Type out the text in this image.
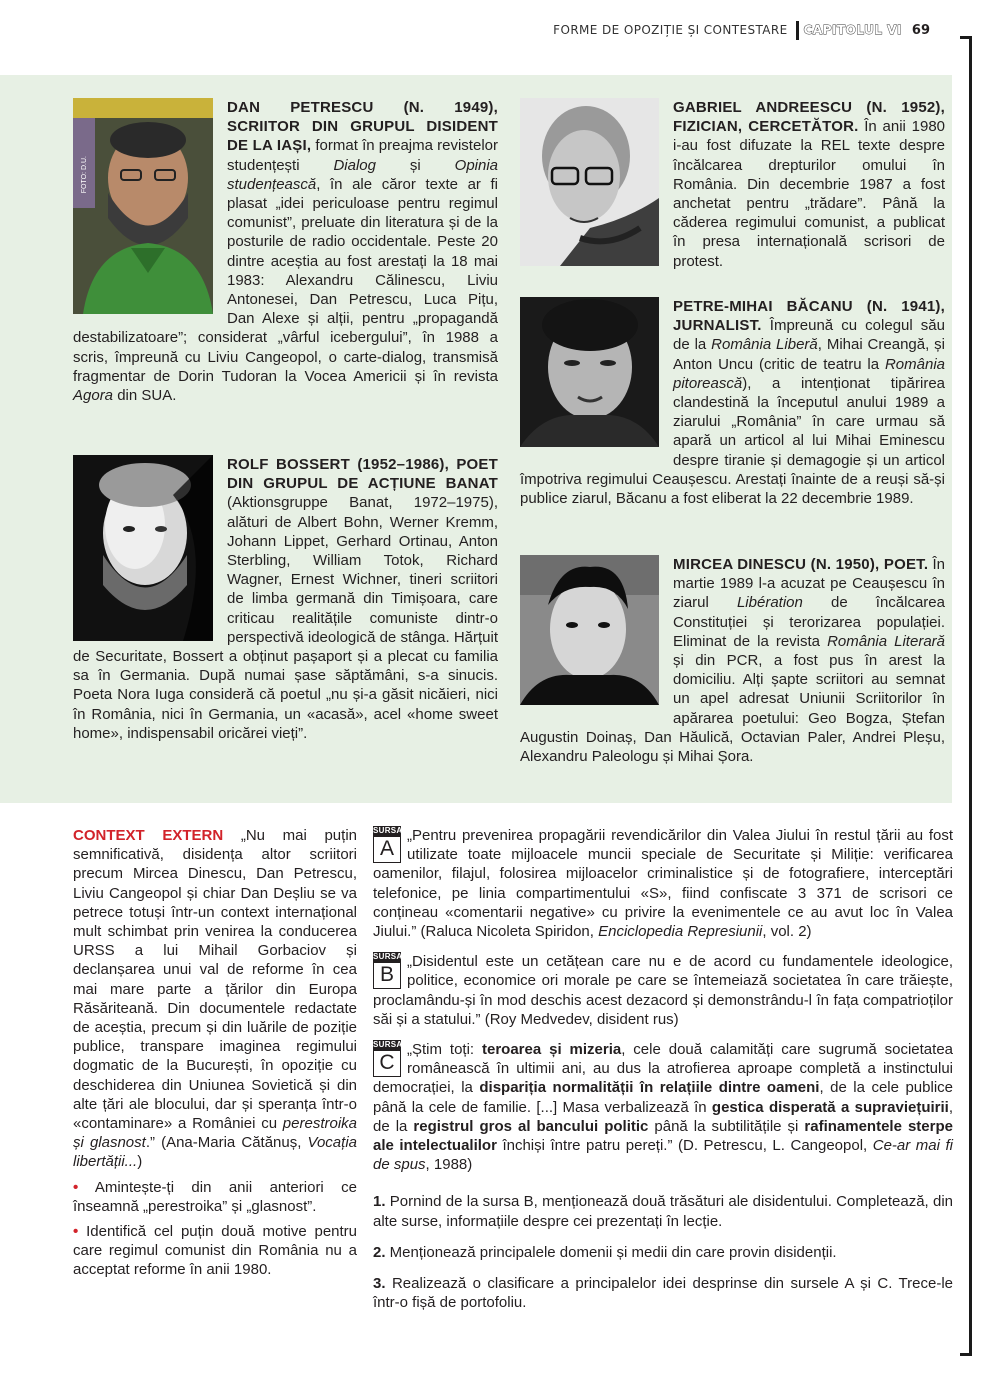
FORME DE OPOZIȚIE ȘI CONTESTARE CAPITOLUL VI 69
FOTO: D.U.

DAN PETRESCU (N. 1949), SCRIITOR DIN GRUPUL DISIDENT DE LA IAȘI, format în preajma revistelor studențești Dialog și Opinia studențească, în ale căror texte ar fi plasat „idei periculoase pentru regimul comunist”, preluate din literatura și de la posturile de radio occidentale. Peste 20 dintre aceștia au fost arestați la 18 mai 1983: Alexandru Călinescu, Liviu Antonesei, Dan Petrescu, Luca Pițu, Dan Alexe și alții, pentru „propagandă destabilizatoare”; considerat „vârful icebergului”, în 1988 a scris, împreună cu Liviu Cangeopol, o carte-dialog, transmisă fragmentar de Dorin Tudoran la Vocea Americii și în revista Agora din SUA.

ROLF BOSSERT (1952–1986), POET DIN GRUPUL DE ACȚIUNE BANAT (Aktionsgruppe Banat, 1972–1975), alături de Albert Bohn, Werner Kremm, Johann Lippet, Gerhard Ortinau, Anton Sterbling, William Totok, Richard Wagner, Ernest Wichner, tineri scriitori de limba germană din Timișoara, care criticau realitățile comuniste dintr-o perspectivă ideologică de stânga. Hărțuit de Securitate, Bossert a obținut pașaport și a plecat cu familia sa în Germania. După numai șase săptămâni, s-a sinucis. Poeta Nora Iuga consideră că poetul „nu și-a găsit nicăieri, nici în România, nici în Germania, un «acasă», acel «home sweet home», indispensabil oricărei vieți”.

GABRIEL ANDREESCU (N. 1952), FIZICIAN, CERCETĂTOR. În anii 1980 i-au fost difuzate la REL texte despre încălcarea drepturilor omului în România. Din decembrie 1987 a fost anchetat pentru „trădare”. Până la căderea regimului comunist, a publicat în presa internațională scrisori de protest.

PETRE-MIHAI BĂCANU (N. 1941), JURNALIST. Împreună cu colegul său de la România Liberă, Mihai Creangă, și Anton Uncu (critic de teatru la România pitorească), a intenționat tipărirea clandestină la începutul anului 1989 a ziarului „România” în care urmau să apară un articol al lui Mihai Eminescu despre tiranie și demagogie și un articol împotriva regimului Ceaușescu. Arestați înainte de a reuși să-și publice ziarul, Băcanu a fost eliberat la 22 decembrie 1989.

MIRCEA DINESCU (N. 1950), POET. În martie 1989 l-a acuzat pe Ceaușescu în ziarul Libération de încălcarea Constituției și terorizarea populației. Eliminat de la revista România Literară și din PCR, a fost pus în arest la domiciliu. Alți șapte scriitori au semnat un apel adresat Uniunii Scriitorilor în apărarea poetului: Geo Bogza, Ștefan Augustin Doinaș, Dan Hăulică, Octavian Paler, Andrei Pleșu, Alexandru Paleologu și Mihai Șora.

CONTEXT EXTERN „Nu mai puțin semnificativă, disidența altor scriitori precum Mircea Dinescu, Dan Petrescu, Liviu Cangeopol și chiar Dan Deșliu se va petrece totuși într-un context internațional mult schimbat prin venirea la conducerea URSS a lui Mihail Gorbaciov și declanșarea unui val de reforme în cea mai mare parte a țărilor din Europa Răsăriteană. Din documentele redactate de aceștia, precum și din luările de poziție publice, transpare imaginea regimului dogmatic de la București, în opoziție cu deschiderea din Uniunea Sovietică și din alte țări ale blocului, dar și speranța într-o «contaminare» a României cu perestroika și glasnost.” (Ana-Maria Cătănuș, Vocația libertății...)

• Amintește-ți din anii anteriori ce înseamnă „perestroika” și „glasnost”.

• Identifică cel puțin două motive pentru care regimul comunist din România nu a acceptat reforme în anii 1980.

SURSA
A
„Pentru prevenirea propagării revendicărilor din Valea Jiului în restul țării au fost utilizate toate mijloacele muncii speciale de Securitate și Miliție: verificarea oamenilor, filajul, folosirea mijloacelor criminalistice și de fotografiere, interceptări telefonice, pe linia compartimentului «S», fiind confiscate 3 371 de scrisori ce conțineau «comentarii negative» cu privire la evenimentele ce au avut loc în Valea Jiului.” (Raluca Nicoleta Spiridon, Enciclopedia Represiunii, vol. 2)
SURSA
B
„Disidentul este un cetățean care nu e de acord cu fundamentele ideologice, politice, economice ori morale pe care se întemeiază societatea în care trăiește, proclamându-și în mod deschis acest dezacord și demonstrându-l în fața compatrioților săi și a statului.” (Roy Medvedev, disident rus)
SURSA
C
„Știm toți: teroarea și mizeria, cele două calamități care sugrumă societatea românească în ultimii ani, au dus la atrofierea aproape completă a instinctului democrației, la dispariția normalității în relațiile dintre oameni, de la cele publice până la cele de familie. [...] Masa verbalizează în gestica disperată a supraviețuirii, de la registrul gros al bancului politic până la subtilitățile și rafinamentele sterpe ale intelectualilor închiși între patru pereți.” (D. Petrescu, L. Cangeopol, Ce-ar mai fi de spus, 1988)

1. Pornind de la sursa B, menționează două trăsături ale disidentului. Completează, din alte surse, informațiile despre cei prezentați în lecție.

2. Menționează principalele domenii și medii din care provin disidenții.

3. Realizează o clasificare a principalelor idei desprinse din sursele A și C. Trece-le într-o fișă de portofoliu.
